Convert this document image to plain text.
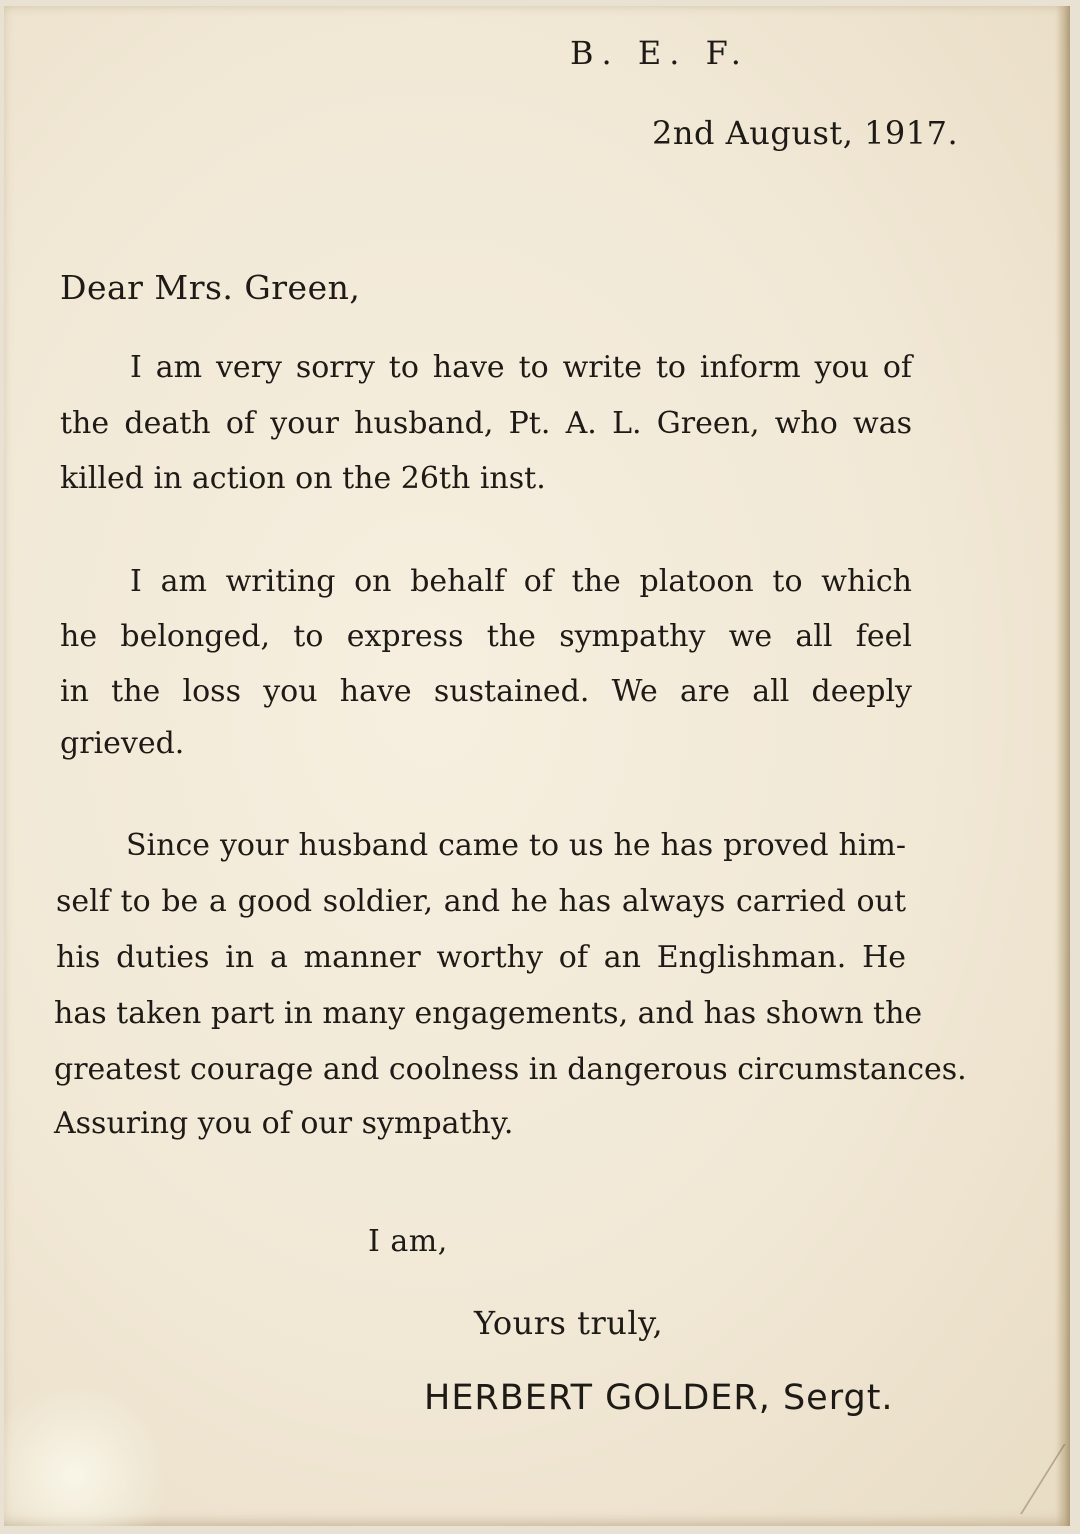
B. E. F.
2nd August, 1917.
Dear Mrs. Green,
I am very sorry to have to write to inform you of
the death of your husband, Pt. A. L. Green, who was
killed in action on the 26th inst.
I am writing on behalf of the platoon to which
he belonged, to express the sympathy we all feel
in the loss you have sustained. We are all deeply
grieved.
Since your husband came to us he has proved him-
self to be a good soldier, and he has always carried out
his duties in a manner worthy of an Englishman. He
has taken part in many engagements, and has shown the
greatest courage and coolness in dangerous circumstances.
Assuring you of our sympathy.
I am,
Yours truly,
HERBERT GOLDER, Sergt.
